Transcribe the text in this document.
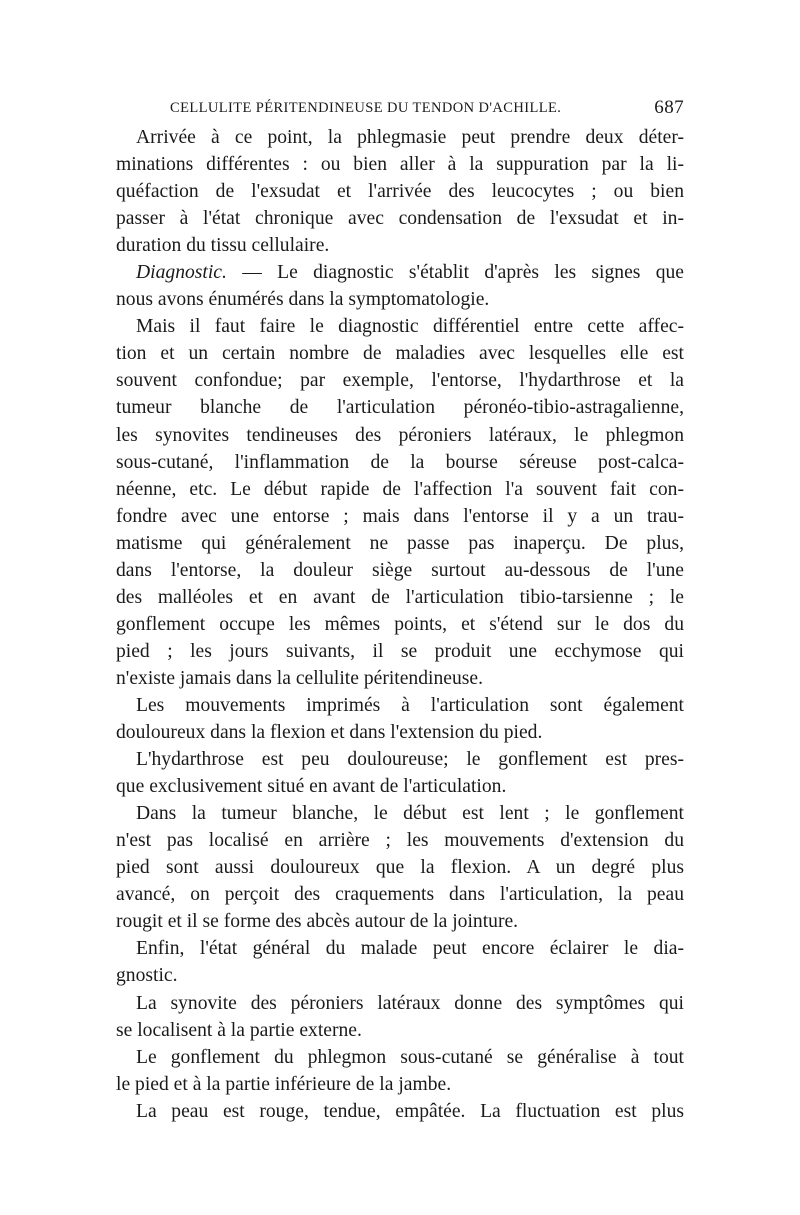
CELLULITE PÉRITENDINEUSE DU TENDON D'ACHILLE.	687
Arrivée à ce point, la phlegmasie peut prendre deux déter-
minations différentes : ou bien aller à la suppuration par la li-
quéfaction de l'exsudat et l'arrivée des leucocytes ; ou bien
passer à l'état chronique avec condensation de l'exsudat et in-
duration du tissu cellulaire.
Diagnostic. — Le diagnostic s'établit d'après les signes que
nous avons énumérés dans la symptomatologie.
Mais il faut faire le diagnostic différentiel entre cette affec-
tion et un certain nombre de maladies avec lesquelles elle est
souvent confondue; par exemple, l'entorse, l'hydarthrose et la
tumeur blanche de l'articulation péronéo-tibio-astragalienne,
les synovites tendineuses des péroniers latéraux, le phlegmon
sous-cutané, l'inflammation de la bourse séreuse post-calca-
néenne, etc. Le début rapide de l'affection l'a souvent fait con-
fondre avec une entorse ; mais dans l'entorse il y a un trau-
matisme qui généralement ne passe pas inaperçu. De plus,
dans l'entorse, la douleur siège surtout au-dessous de l'une
des malléoles et en avant de l'articulation tibio-tarsienne ; le
gonflement occupe les mêmes points, et s'étend sur le dos du
pied ; les jours suivants, il se produit une ecchymose qui
n'existe jamais dans la cellulite péritendineuse.
Les mouvements imprimés à l'articulation sont également
douloureux dans la flexion et dans l'extension du pied.
L'hydarthrose est peu douloureuse; le gonflement est pres-
que exclusivement situé en avant de l'articulation.
Dans la tumeur blanche, le début est lent ; le gonflement
n'est pas localisé en arrière ; les mouvements d'extension du
pied sont aussi douloureux que la flexion. A un degré plus
avancé, on perçoit des craquements dans l'articulation, la peau
rougit et il se forme des abcès autour de la jointure.
Enfin, l'état général du malade peut encore éclairer le dia-
gnostic.
La synovite des péroniers latéraux donne des symptômes qui
se localisent à la partie externe.
Le gonflement du phlegmon sous-cutané se généralise à tout
le pied et à la partie inférieure de la jambe.
La peau est rouge, tendue, empâtée. La fluctuation est plus
